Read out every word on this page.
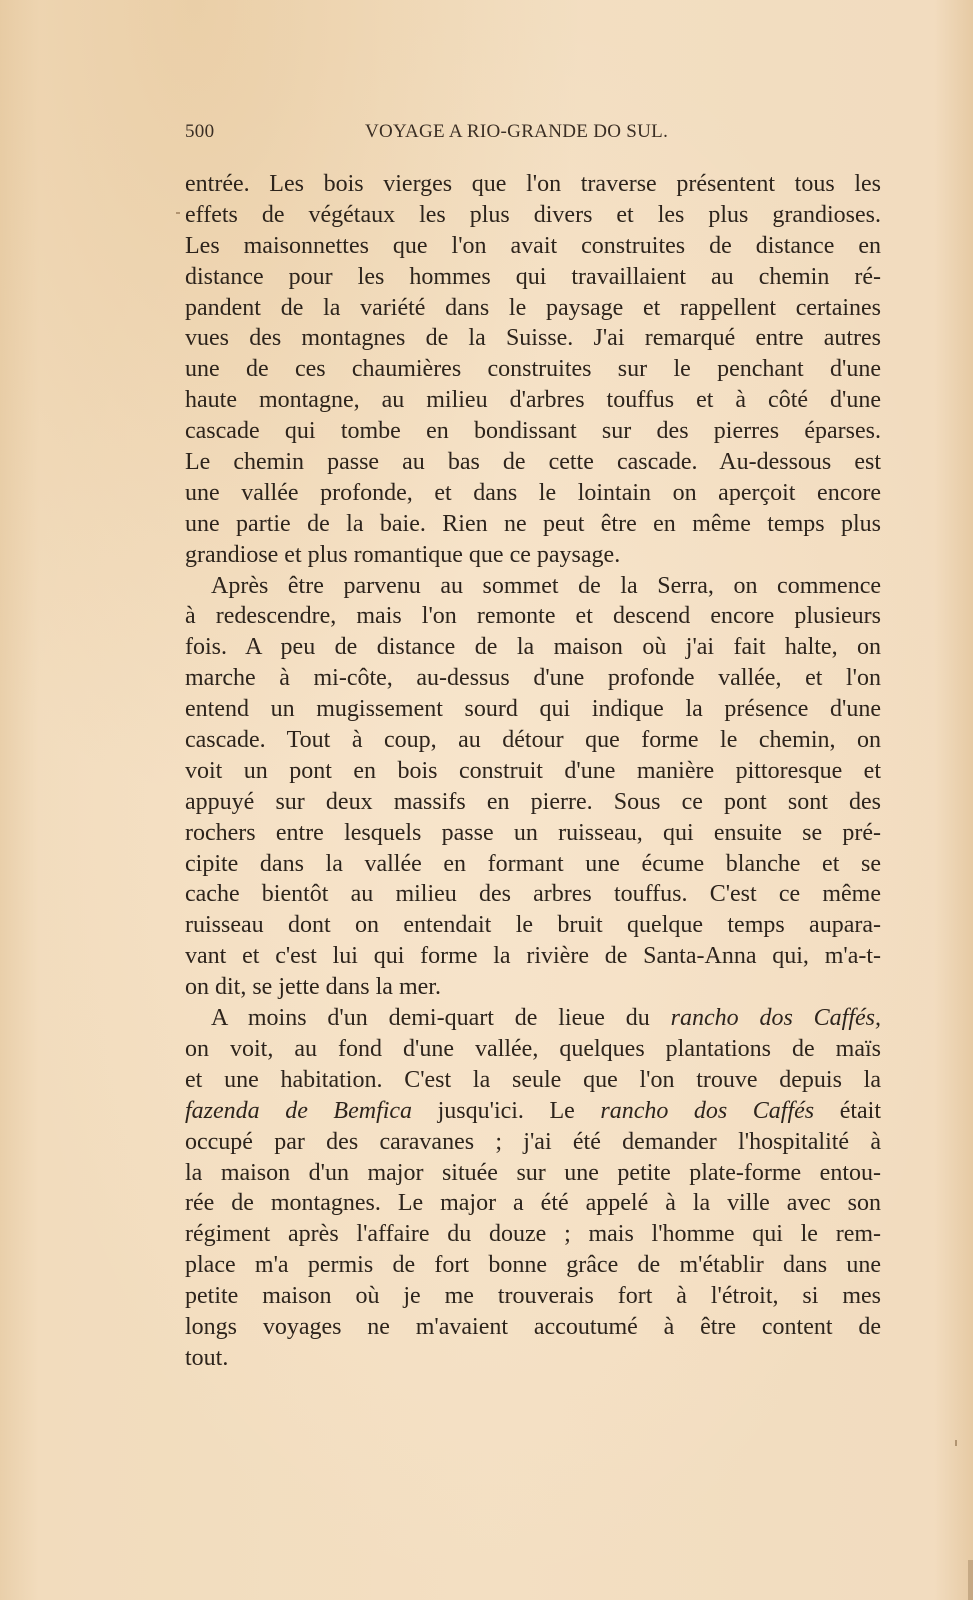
500	VOYAGE A RIO-GRANDE DO SUL.
entrée. Les bois vierges que l'on traverse présentent tous les
effets de végétaux les plus divers et les plus grandioses.
Les maisonnettes que l'on avait construites de distance en
distance pour les hommes qui travaillaient au chemin ré-
pandent de la variété dans le paysage et rappellent certaines
vues des montagnes de la Suisse. J'ai remarqué entre autres
une de ces chaumières construites sur le penchant d'une
haute montagne, au milieu d'arbres touffus et à côté d'une
cascade qui tombe en bondissant sur des pierres éparses.
Le chemin passe au bas de cette cascade. Au-dessous est
une vallée profonde, et dans le lointain on aperçoit encore
une partie de la baie. Rien ne peut être en même temps plus
grandiose et plus romantique que ce paysage.
Après être parvenu au sommet de la Serra, on commence
à redescendre, mais l'on remonte et descend encore plusieurs
fois. A peu de distance de la maison où j'ai fait halte, on
marche à mi-côte, au-dessus d'une profonde vallée, et l'on
entend un mugissement sourd qui indique la présence d'une
cascade. Tout à coup, au détour que forme le chemin, on
voit un pont en bois construit d'une manière pittoresque et
appuyé sur deux massifs en pierre. Sous ce pont sont des
rochers entre lesquels passe un ruisseau, qui ensuite se pré-
cipite dans la vallée en formant une écume blanche et se
cache bientôt au milieu des arbres touffus. C'est ce même
ruisseau dont on entendait le bruit quelque temps aupara-
vant et c'est lui qui forme la rivière de Santa-Anna qui, m'a-t-
on dit, se jette dans la mer.
A moins d'un demi-quart de lieue du rancho dos Caffés,
on voit, au fond d'une vallée, quelques plantations de maïs
et une habitation. C'est la seule que l'on trouve depuis la
fazenda de Bemfica jusqu'ici. Le rancho dos Caffés était
occupé par des caravanes ; j'ai été demander l'hospitalité à
la maison d'un major située sur une petite plate-forme entou-
rée de montagnes. Le major a été appelé à la ville avec son
régiment après l'affaire du douze ; mais l'homme qui le rem-
place m'a permis de fort bonne grâce de m'établir dans une
petite maison où je me trouverais fort à l'étroit, si mes
longs voyages ne m'avaient accoutumé à être content de
tout.
